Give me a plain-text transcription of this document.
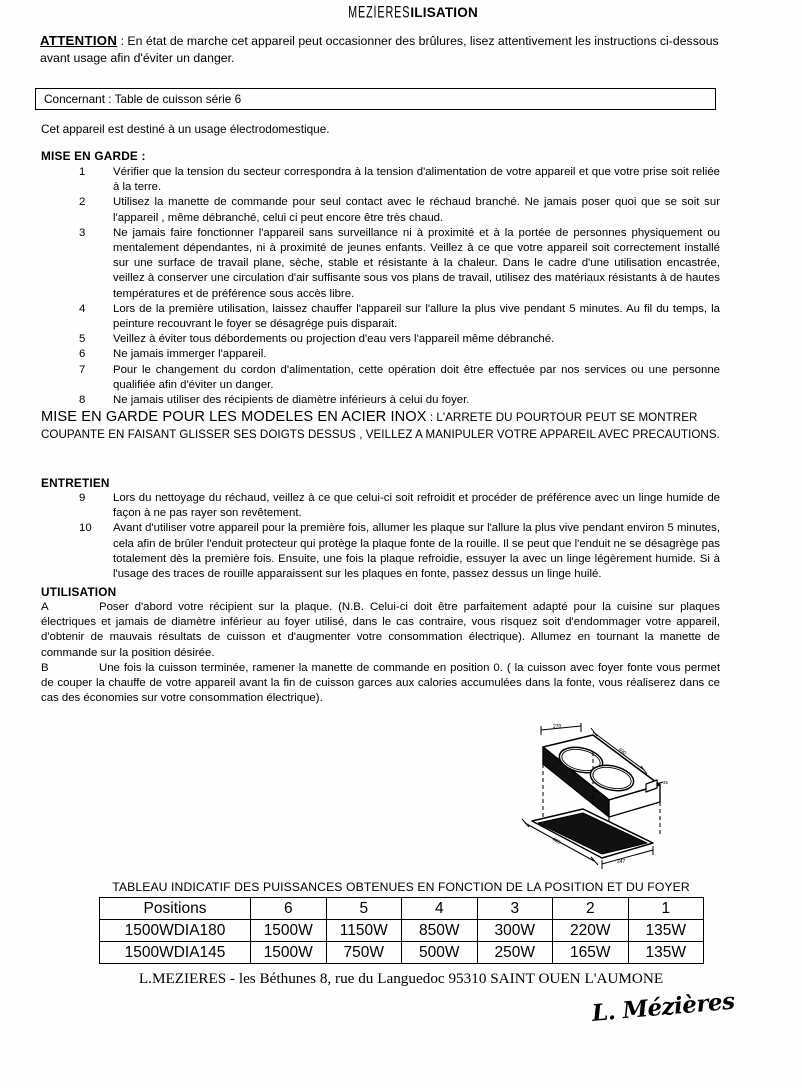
MEZIERESILISATION
ATTENTION : En état de marche cet appareil peut occasionner des brûlures, lisez attentivement les instructions ci-dessous avant usage afin d'éviter un danger.
Concernant : Table de cuisson série 6
Cet appareil est destiné à un usage électrodomestique.
MISE EN GARDE :
1	Vérifier que la tension du secteur correspondra à la tension d'alimentation de votre appareil et que votre prise soit reliée à la terre.
2	Utilisez la manette de commande pour seul contact avec le réchaud branché. Ne jamais poser quoi que se soit sur l'appareil , même débranché, celui ci peut encore être très chaud.
3	Ne jamais faire fonctionner l'appareil sans surveillance ni à proximité et à la portée de personnes physiquement ou mentalement dépendantes, ni à proximité de jeunes enfants. Veillez à ce que votre appareil soit correctement installé sur une surface de travail plane, sèche, stable et résistante à la chaleur. Dans le cadre d'une utilisation encastrée, veillez à conserver une circulation d'air suffisante sous vos plans de travail, utilisez des matériaux résistants à de hautes températures et de préférence sous accès libre.
4	Lors de la première utilisation, laissez chauffer l'appareil sur l'allure la plus vive pendant 5 minutes. Au fil du temps, la peinture recouvrant le foyer se désagrége puis disparait.
5	Veillez à éviter tous débordements ou projection d'eau vers l'appareil même débranché.
6	Ne jamais immerger l'appareil.
7	Pour le changement du cordon d'alimentation, cette opération doit être effectuée par nos services ou une personne qualifiée afin d'éviter un danger.
8	Ne jamais utiliser des récipients de diamètre inférieurs à celui du foyer.
MISE EN GARDE POUR LES MODELES EN ACIER INOX : L'ARRETE DU POURTOUR PEUT SE MONTRER COUPANTE EN FAISANT GLISSER SES DOIGTS DESSUS , VEILLEZ A MANIPULER VOTRE APPAREIL AVEC PRECAUTIONS.
ENTRETIEN
9	Lors du nettoyage du réchaud, veillez à ce que celui-ci soit refroidit et procéder de préférence avec un linge humide de façon à ne pas rayer son revêtement.
10	Avant d'utiliser votre appareil pour la première fois, allumer les plaque sur l'allure la plus vive pendant environ 5 minutes, cela afin de brûler l'enduit protecteur qui protège la plaque fonte de la rouille. Il se peut que l'enduit ne se désagrège pas totalement dès la première fois. Ensuite, une fois la plaque refroidie, essuyer la avec un linge légèrement humide. Si à l'usage des traces de rouille apparaissent sur les plaques en fonte, passez dessus un linge huilé.
UTILISATION
A	Poser d'abord votre récipient sur la plaque. (N.B. Celui-ci doit être parfaitement adapté pour la cuisine sur plaques électriques et jamais de diamètre inférieur au foyer utilisé, dans le cas contraire, vous risquez soit d'endommager votre appareil, d'obtenir de mauvais résultats de cuisson et d'augmenter votre consommation électrique). Allumez en tournant la manette de commande sur la position désirée.
B	Une fois la cuisson terminée, ramener la manette de commande en position 0. ( la cuisson avec foyer fonte vous permet de couper la chauffe de votre appareil avant la fin de cuisson garces aux calories accumulées dans la fonte, vous réaliserez dans ce cas des économies sur votre consommation électrique).
270
490
35
460
247
TABLEAU INDICATIF DES PUISSANCES OBTENUES EN FONCTION DE LA POSITION ET DU FOYER
Positions	6	5	4	3	2	1
1500WDIA180	1500W	1150W	850W	300W	220W	135W
1500WDIA145	1500W	750W	500W	250W	165W	135W
L.MEZIERES - les Béthunes 8, rue du Languedoc 95310 SAINT OUEN L'AUMONE
L. Mézières
